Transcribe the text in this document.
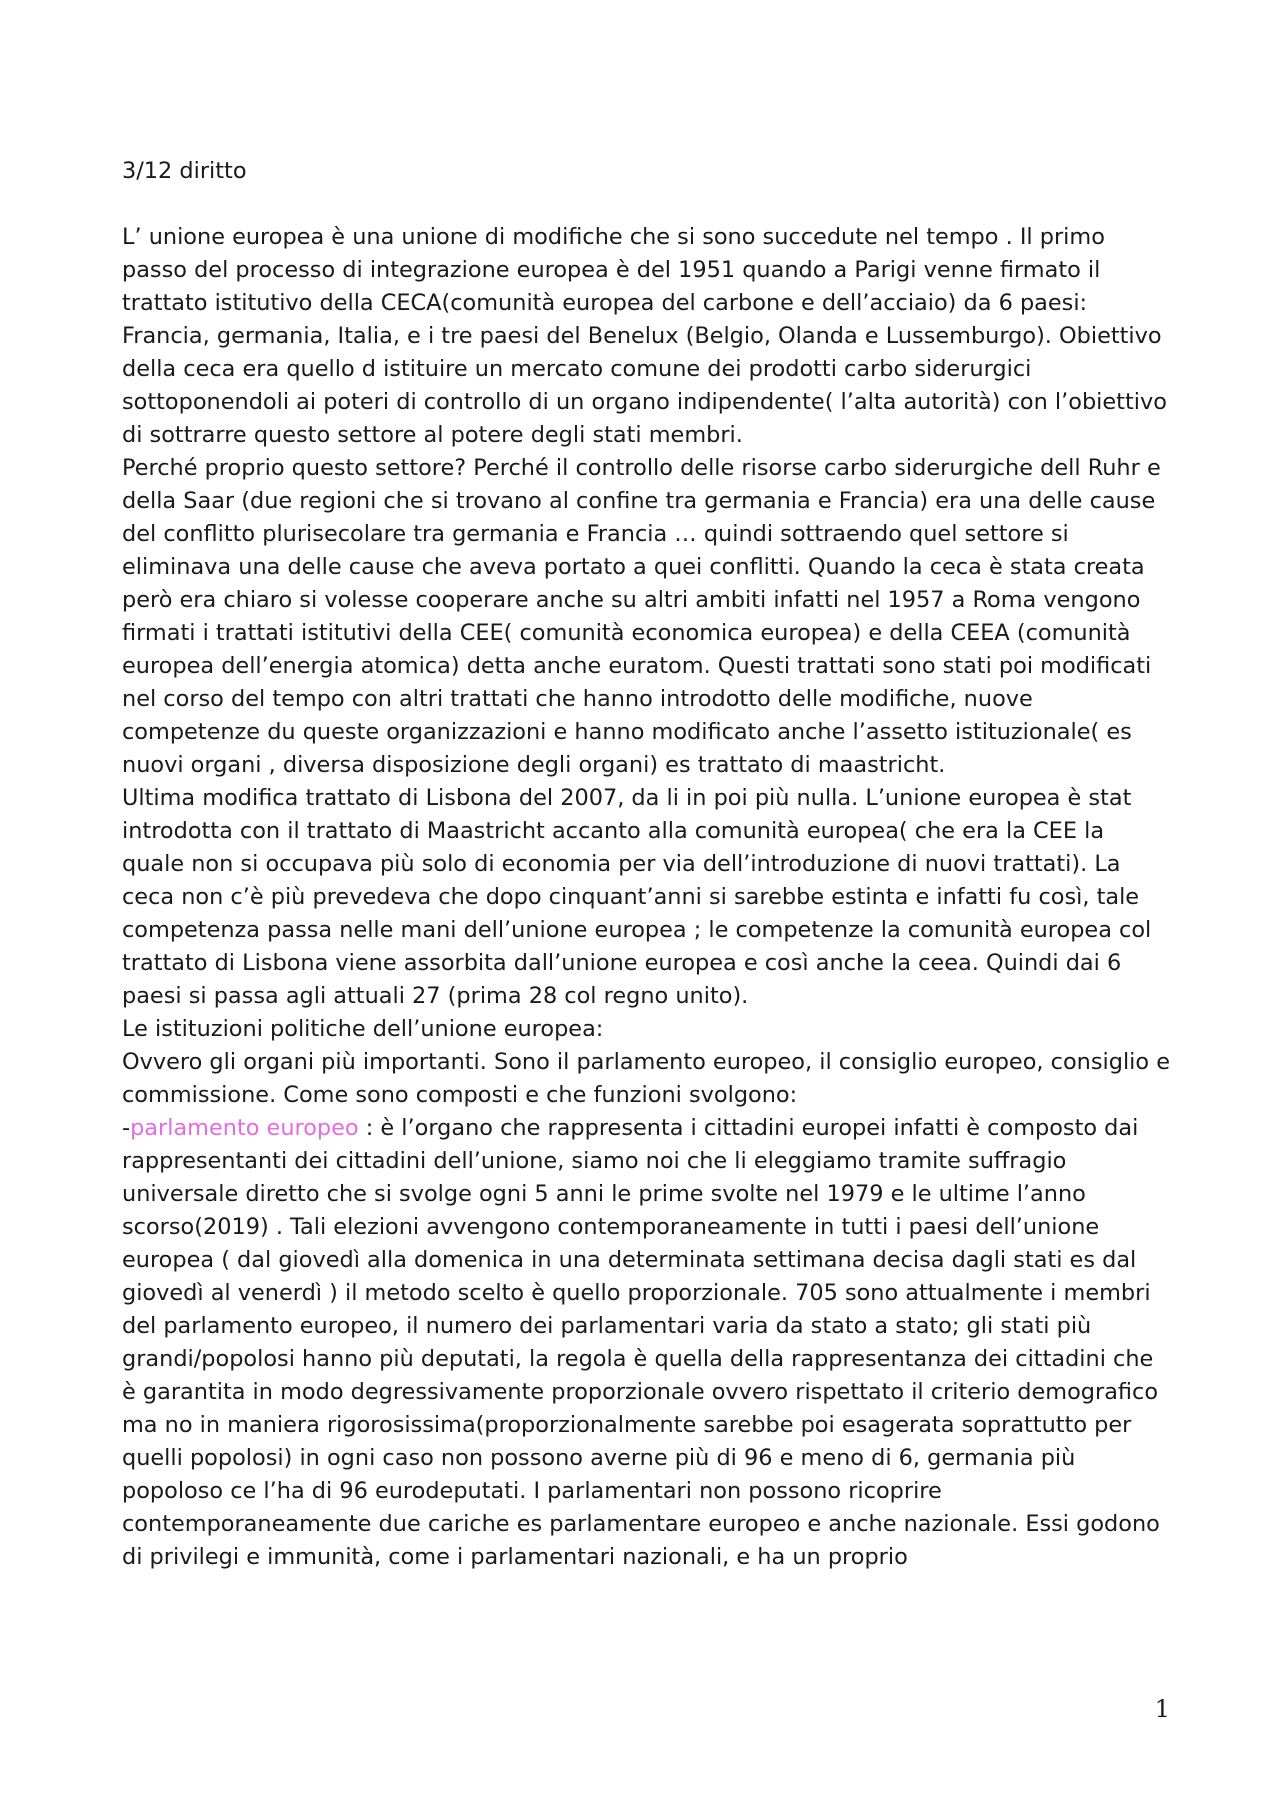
3/12 diritto

L’ unione europea è una unione di modifiche che si sono succedute nel tempo . Il primo passo del processo di integrazione europea è del 1951 quando a Parigi venne firmato il trattato istitutivo della CECA(comunità europea del carbone e dell’acciaio) da 6 paesi: Francia, germania, Italia, e i tre paesi del Benelux (Belgio, Olanda e Lussemburgo). Obiettivo della ceca era quello d istituire un mercato comune dei prodotti carbo siderurgici sottoponendoli ai poteri di controllo di un organo indipendente( l’alta autorità) con l’obiettivo di sottrarre questo settore al potere degli stati membri.

Perché proprio questo settore? Perché il controllo delle risorse carbo siderurgiche dell Ruhr e della Saar (due regioni che si trovano al confine tra germania e Francia) era una delle cause del conflitto plurisecolare tra germania e Francia … quindi sottraendo quel settore si eliminava una delle cause che aveva portato a quei conflitti. Quando la ceca è stata creata però era chiaro si volesse cooperare anche su altri ambiti infatti nel 1957 a Roma vengono firmati i trattati istitutivi della CEE( comunità economica europea) e della CEEA (comunità europea dell’energia atomica) detta anche euratom. Questi trattati sono stati poi modificati nel corso del tempo con altri trattati che hanno introdotto delle modifiche, nuove competenze du queste organizzazioni e hanno modificato anche l’assetto istituzionale( es nuovi organi , diversa disposizione degli organi) es trattato di maastricht.

Ultima modifica trattato di Lisbona del 2007, da li in poi più nulla. L’unione europea è stat introdotta con il trattato di Maastricht accanto alla comunità europea( che era la CEE la quale non si occupava più solo di economia per via dell’introduzione di nuovi trattati). La ceca non c’è più prevedeva che dopo cinquant’anni si sarebbe estinta e infatti fu così, tale competenza passa nelle mani dell’unione europea ; le competenze la comunità europea col trattato di Lisbona viene assorbita dall’unione europea e così anche la ceea. Quindi dai 6 paesi si passa agli attuali 27 (prima 28 col regno unito).

Le istituzioni politiche dell’unione europea:

Ovvero gli organi più importanti. Sono il parlamento europeo, il consiglio europeo, consiglio e commissione. Come sono composti e che funzioni svolgono:

-parlamento europeo : è l’organo che rappresenta i cittadini europei infatti è composto dai rappresentanti dei cittadini dell’unione, siamo noi che li eleggiamo tramite suffragio universale diretto che si svolge ogni 5 anni le prime svolte nel 1979 e le ultime l’anno scorso(2019) . Tali elezioni avvengono contemporaneamente in tutti i paesi dell’unione europea ( dal giovedì alla domenica in una determinata settimana decisa dagli stati es dal giovedì al venerdì ) il metodo scelto è quello proporzionale. 705 sono attualmente i membri del parlamento europeo, il numero dei parlamentari varia da stato a stato; gli stati più grandi/popolosi hanno più deputati, la regola è quella della rappresentanza dei cittadini che è garantita in modo degressivamente proporzionale ovvero rispettato il criterio demografico ma no in maniera rigorosissima(proporzionalmente sarebbe poi esagerata soprattutto per quelli popolosi) in ogni caso non possono averne più di 96 e meno di 6, germania più popoloso ce l’ha di 96 eurodeputati. I parlamentari non possono ricoprire contemporaneamente due cariche es parlamentare europeo e anche nazionale. Essi godono di privilegi e immunità, come i parlamentari nazionali, e ha un proprio

1
